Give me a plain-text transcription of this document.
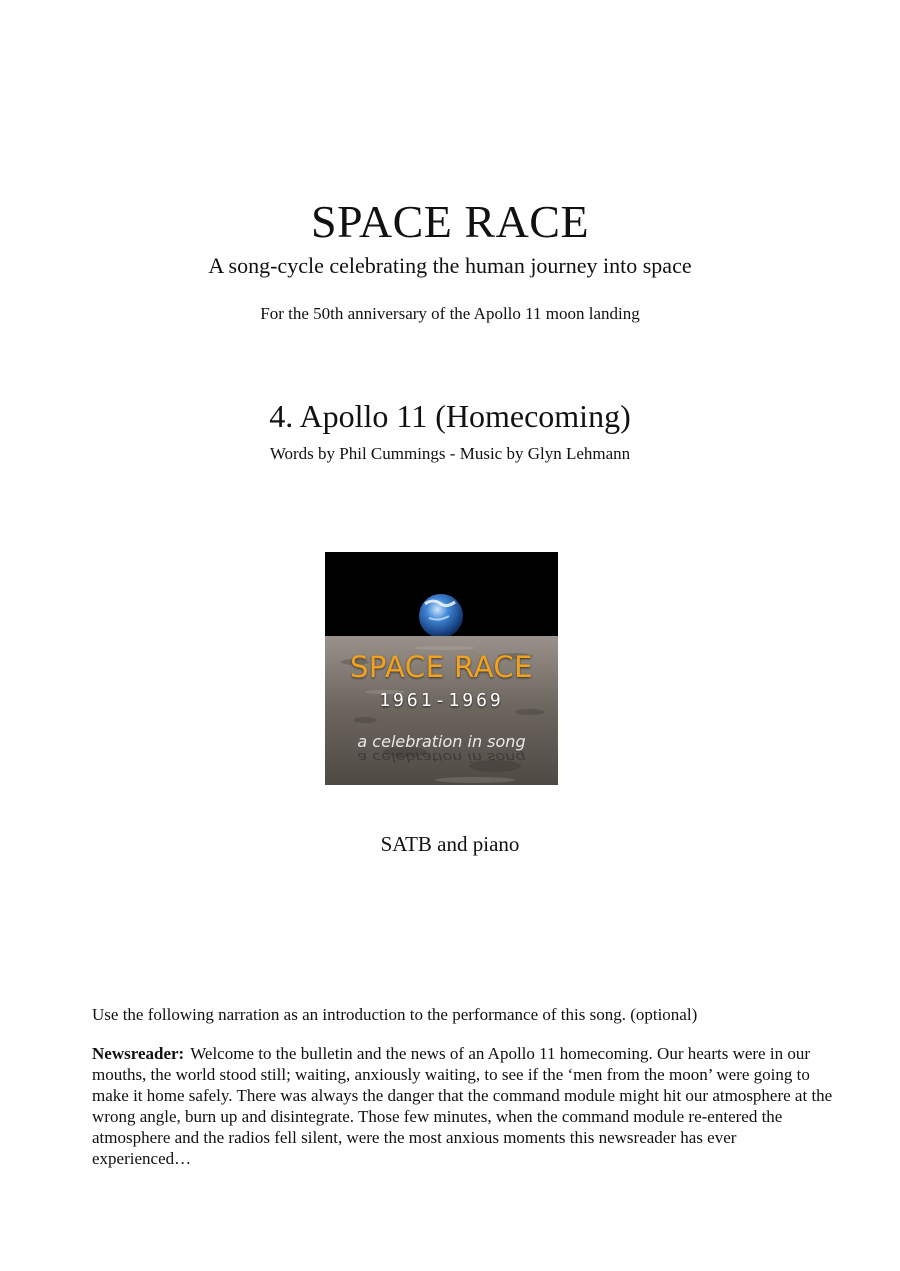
SPACE RACE
A song-cycle celebrating the human journey into space
For the 50th anniversary of the Apollo 11 moon landing
4. Apollo 11 (Homecoming)
Words by Phil Cummings - Music by Glyn Lehmann
SPACE RACE
1961-1969
a celebration in song
a celebration in song
SATB and piano
Use the following narration as an introduction to the performance of this song. (optional)
Newsreader: Welcome to the bulletin and the news of an Apollo 11 homecoming. Our hearts were in our mouths, the world stood still; waiting, anxiously waiting, to see if the ‘men from the moon’ were going to make it home safely. There was always the danger that the command module might hit our atmosphere at the wrong angle, burn up and disintegrate. Those few minutes, when the command module re-entered the atmosphere and the radios fell silent, were the most anxious moments this newsreader has ever experienced…
